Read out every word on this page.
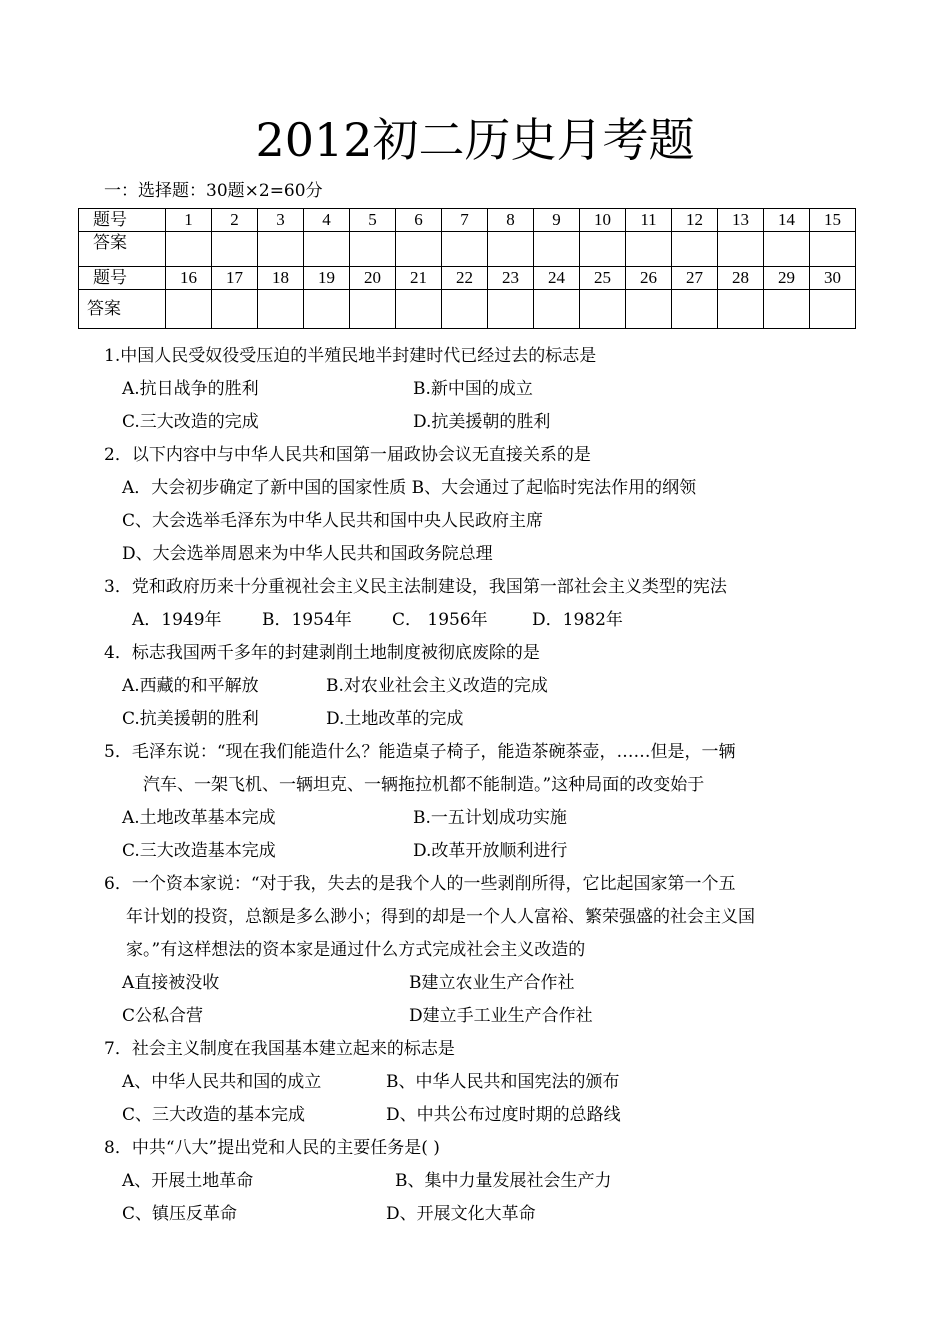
2012初二历史月考题
一：选择题：30题×2=60分
题号	1	2	3	4	5	6	7	8	9	10	11	12	13	14	15
答案															
题号	16	17	18	19	20	21	22	23	24	25	26	27	28	29	30
答案															
1.中国人民受奴役受压迫的半殖民地半封建时代已经过去的标志是
A.抗日战争的胜利	B.新中国的成立
C.三大改造的完成	D.抗美援朝的胜利
2．以下内容中与中华人民共和国第一届政协会议无直接关系的是
A．大会初步确定了新中国的国家性质 B、大会通过了起临时宪法作用的纲领
C、大会选举毛泽东为中华人民共和国中央人民政府主席
D、大会选举周恩来为中华人民共和国政务院总理
3．党和政府历来十分重视社会主义民主法制建设，我国第一部社会主义类型的宪法
A．1949年 B．1954年 C． 1956年	D．1982年
4．标志我国两千多年的封建剥削土地制度被彻底废除的是
A.西藏的和平解放	B.对农业社会主义改造的完成
C.抗美援朝的胜利	D.土地改革的完成
5．毛泽东说：“现在我们能造什么？能造桌子椅子，能造茶碗茶壶，……但是，一辆
汽车、一架飞机、一辆坦克、一辆拖拉机都不能制造。”这种局面的改变始于
A.土地改革基本完成	B.一五计划成功实施
C.三大改造基本完成	D.改革开放顺利进行
6．一个资本家说：“对于我，失去的是我个人的一些剥削所得，它比起国家第一个五
年计划的投资，总额是多么渺小；得到的却是一个人人富裕、繁荣强盛的社会主义国
家。”有这样想法的资本家是通过什么方式完成社会主义改造的
A直接被没收	B建立农业生产合作社
C公私合营	D建立手工业生产合作社
7．社会主义制度在我国基本建立起来的标志是
A、中华人民共和国的成立	B、中华人民共和国宪法的颁布
C、三大改造的基本完成	D、中共公布过度时期的总路线
8．中共“八大”提出党和人民的主要任务是( )
A、开展土地革命	B、集中力量发展社会生产力
C、镇压反革命	D、开展文化大革命
